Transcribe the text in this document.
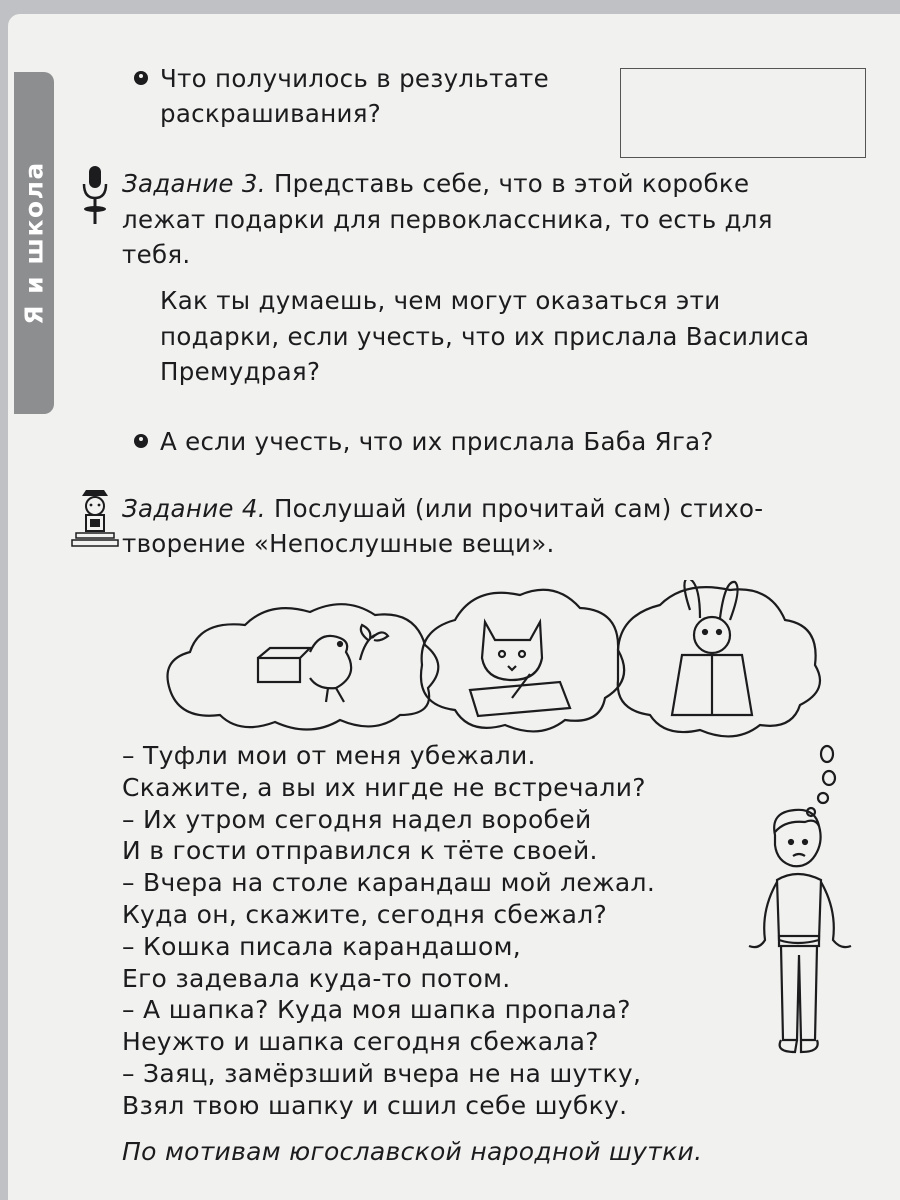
Я и школа
Что получилось в результате
раскрашивания?
Задание 3. Представь себе, что в этой коробке
лежат подарки для первоклассника, то есть для
тебя.
Как ты думаешь, чем могут оказаться эти
подарки, если учесть, что их прислала Василиса
Премудрая?
А если учесть, что их прислала Баба Яга?
Задание 4. Послушай (или прочитай сам) стихо-
творение «Непослушные вещи».
– Туфли мои от меня убежали.
Скажите, а вы их нигде не встречали?
– Их утром сегодня надел воробей
И в гости отправился к тёте своей.
– Вчера на столе карандаш мой лежал.
Куда он, скажите, сегодня сбежал?
– Кошка писала карандашом,
Его задевала куда-то потом.
– А шапка? Куда моя шапка пропала?
Неужто и шапка сегодня сбежала?
– Заяц, замёрзший вчера не на шутку,
Взял твою шапку и сшил себе шубку.
По мотивам югославской народной шутки.
